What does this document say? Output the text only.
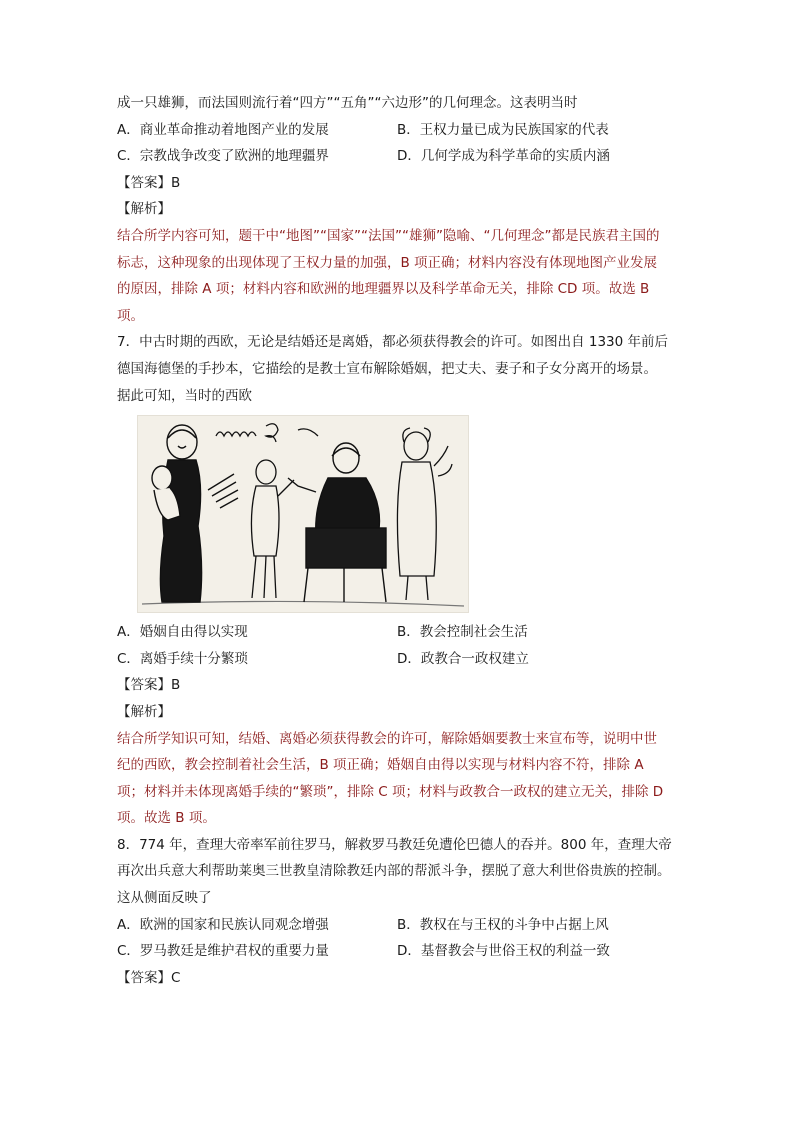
成一只雄狮，而法国则流行着“四方”“五角”“六边形”的几何理念。这表明当时
A．商业革命推动着地图产业的发展	B．王权力量已成为民族国家的代表
C．宗教战争改变了欧洲的地理疆界	D．几何学成为科学革命的实质内涵
【答案】B
【解析】
结合所学内容可知，题干中“地图”“国家”“法国”“雄狮”隐喻、“几何理念”都是民族君主国的
标志，这种现象的出现体现了王权力量的加强，B 项正确；材料内容没有体现地图产业发展
的原因，排除 A 项；材料内容和欧洲的地理疆界以及科学革命无关，排除 CD 项。故选 B
项。
7．中古时期的西欧，无论是结婚还是离婚，都必须获得教会的许可。如图出自 1330 年前后
德国海德堡的手抄本，它描绘的是教士宣布解除婚姻，把丈夫、妻子和子女分离开的场景。
据此可知，当时的西欧
A．婚姻自由得以实现	B．教会控制社会生活
C．离婚手续十分繁琐	D．政教合一政权建立
【答案】B
【解析】
结合所学知识可知，结婚、离婚必须获得教会的许可，解除婚姻要教士来宣布等，说明中世
纪的西欧，教会控制着社会生活，B 项正确；婚姻自由得以实现与材料内容不符，排除 A
项；材料并未体现离婚手续的“繁琐”，排除 C 项；材料与政教合一政权的建立无关，排除 D
项。故选 B 项。
8．774 年，查理大帝率军前往罗马，解救罗马教廷免遭伦巴德人的吞并。800 年，查理大帝
再次出兵意大利帮助莱奥三世教皇清除教廷内部的帮派斗争，摆脱了意大利世俗贵族的控制。
这从侧面反映了
A．欧洲的国家和民族认同观念增强	B．教权在与王权的斗争中占据上风
C．罗马教廷是维护君权的重要力量	D．基督教会与世俗王权的利益一致
【答案】C
